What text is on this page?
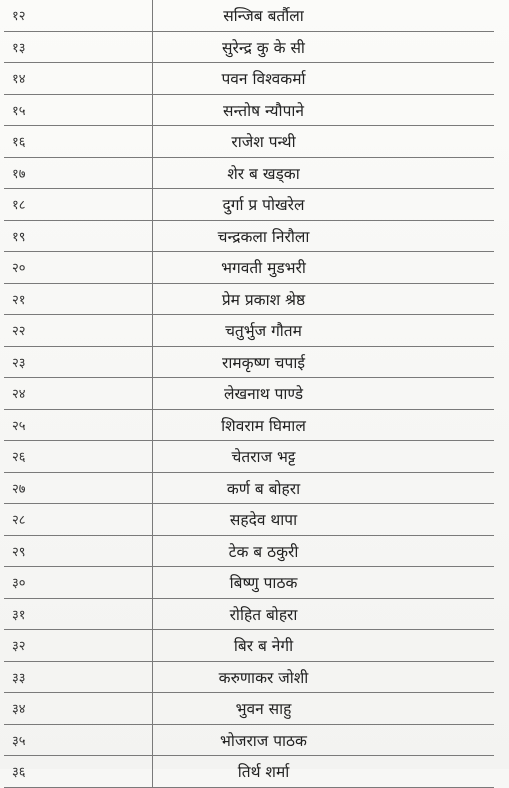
१२	सन्जिब बर्तौला
१३	सुरेन्द्र कु के सी
१४	पवन विश्वकर्मा
१५	सन्तोष न्यौपाने
१६	राजेश पन्थी
१७	शेर ब खड्का
१८	दुर्गा प्र पोखरेल
१९	चन्द्रकला निरौला
२०	भगवती मुडभरी
२१	प्रेम प्रकाश श्रेष्ठ
२२	चतुर्भुज गौतम
२३	रामकृष्ण चपाई
२४	लेखनाथ पाण्डे
२५	शिवराम घिमाल
२६	चेतराज भट्ट
२७	कर्ण ब बोहरा
२८	सहदेव थापा
२९	टेक ब ठकुरी
३०	बिष्णु पाठक
३१	रोहित बोहरा
३२	बिर ब नेगी
३३	करुणाकर जोशी
३४	भुवन साहु
३५	भोजराज पाठक
३६	तिर्थ शर्मा
